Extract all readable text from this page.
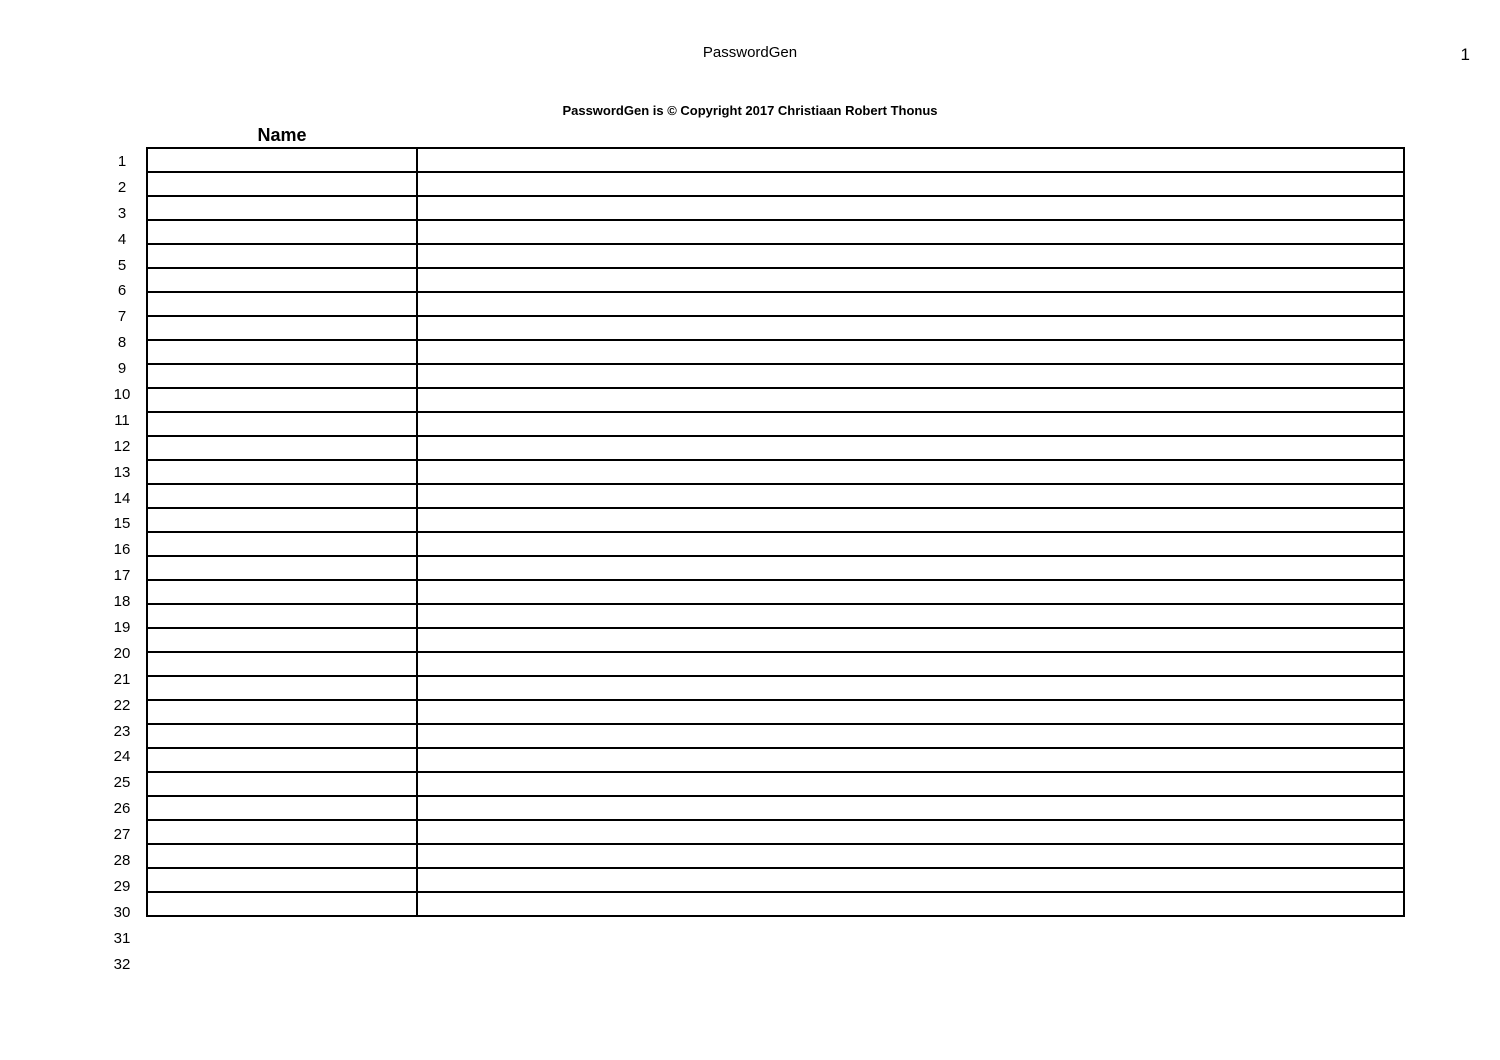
PasswordGen	1
PasswordGen is © Copyright 2017 Christiaan Robert Thonus
Name
1
2
3
4
5
6
7
8
9
10
11
12
13
14
15
16
17
18
19
20
21
22
23
24
25
26
27
28
29
30
31
32
